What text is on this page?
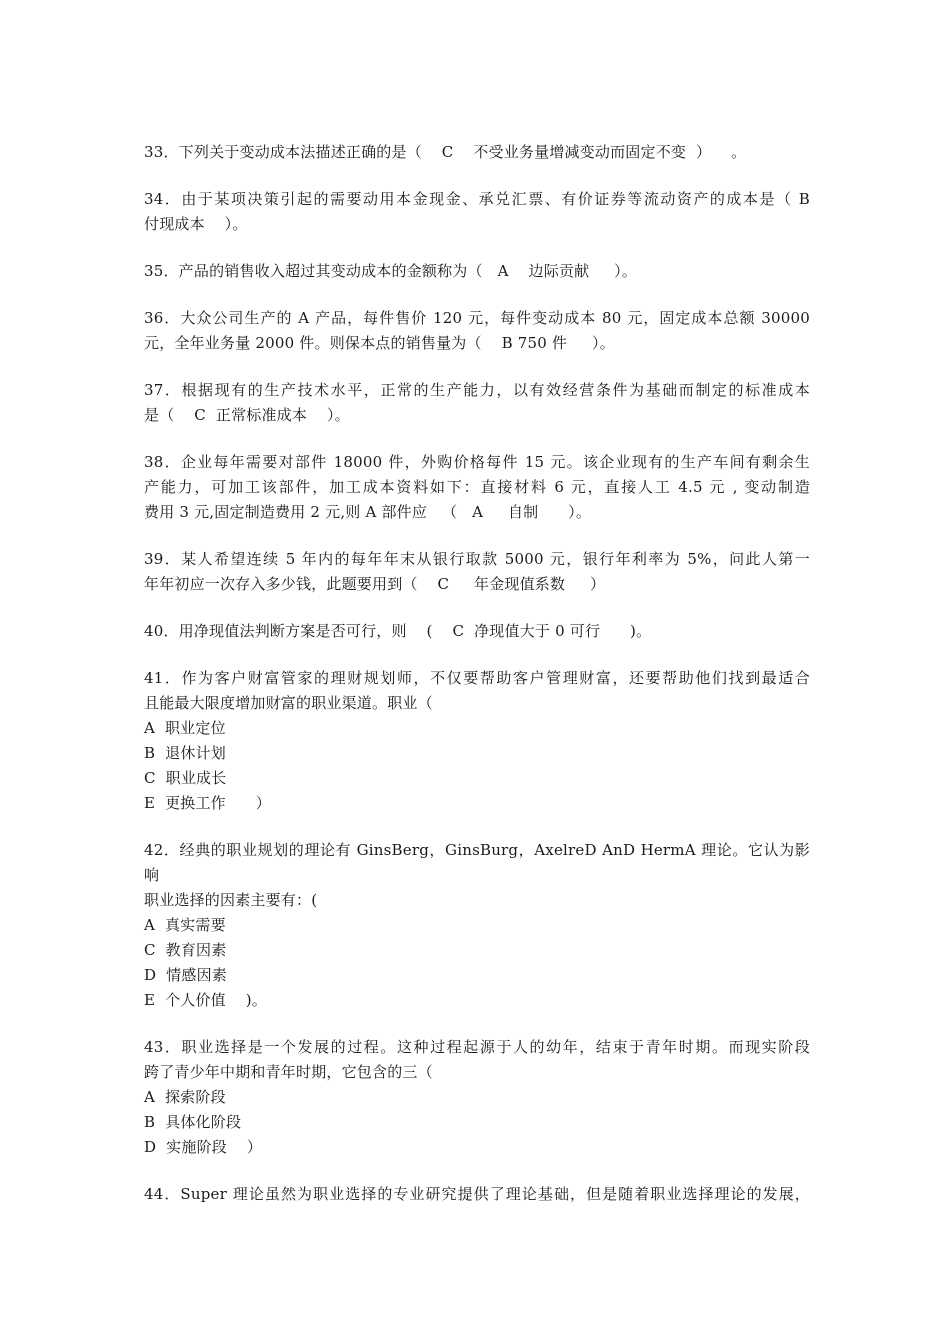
33．下列关于变动成本法描述正确的是（    C    不受业务量增减变动而固定不变  ）    。
34．由于某项决策引起的需要动用本金现金、承兑汇票、有价证券等流动资产的成本是（ B
付现成本    ）。
35．产品的销售收入超过其变动成本的金额称为（   A    边际贡献     ）。
36．大众公司生产的 A 产品，每件售价 120 元，每件变动成本 80 元，固定成本总额 30000
元，全年业务量 2000 件。则保本点的销售量为（    B 750 件     ）。
37．根据现有的生产技术水平，正常的生产能力，以有效经营条件为基础而制定的标准成本
是（    C  正常标准成本    ）。
38．企业每年需要对部件 18000 件，外购价格每件 15 元。该企业现有的生产车间有剩余生
产能力，可加工该部件，加工成本资料如下：直接材料 6 元，直接人工 4.5 元 , 变动制造
费用 3 元,固定制造费用 2 元,则 A 部件应   （   A     自制      ）。
39．某人希望连续 5 年内的每年年末从银行取款 5000 元，银行年利率为 5%，问此人第一
年年初应一次存入多少钱，此题要用到（    C     年金现值系数     ）
40．用净现值法判断方案是否可行，则    (    C  净现值大于 0 可行      )。
41．作为客户财富管家的理财规划师，不仅要帮助客户管理财富，还要帮助他们找到最适合
且能最大限度增加财富的职业渠道。职业（
A  职业定位
B  退休计划
C  职业成长
E  更换工作      ）
42．经典的职业规划的理论有 GinsBerg，GinsBurg，AxelreD AnD HermA 理论。它认为影响
职业选择的因素主要有：(
A  真实需要
C  教育因素
D  情感因素
E  个人价值    )。
43．职业选择是一个发展的过程。这种过程起源于人的幼年，结束于青年时期。而现实阶段
跨了青少年中期和青年时期，它包含的三（
A  探索阶段
B  具体化阶段
D  实施阶段    ）
44．Super 理论虽然为职业选择的专业研究提供了理论基础，但是随着职业选择理论的发展，
